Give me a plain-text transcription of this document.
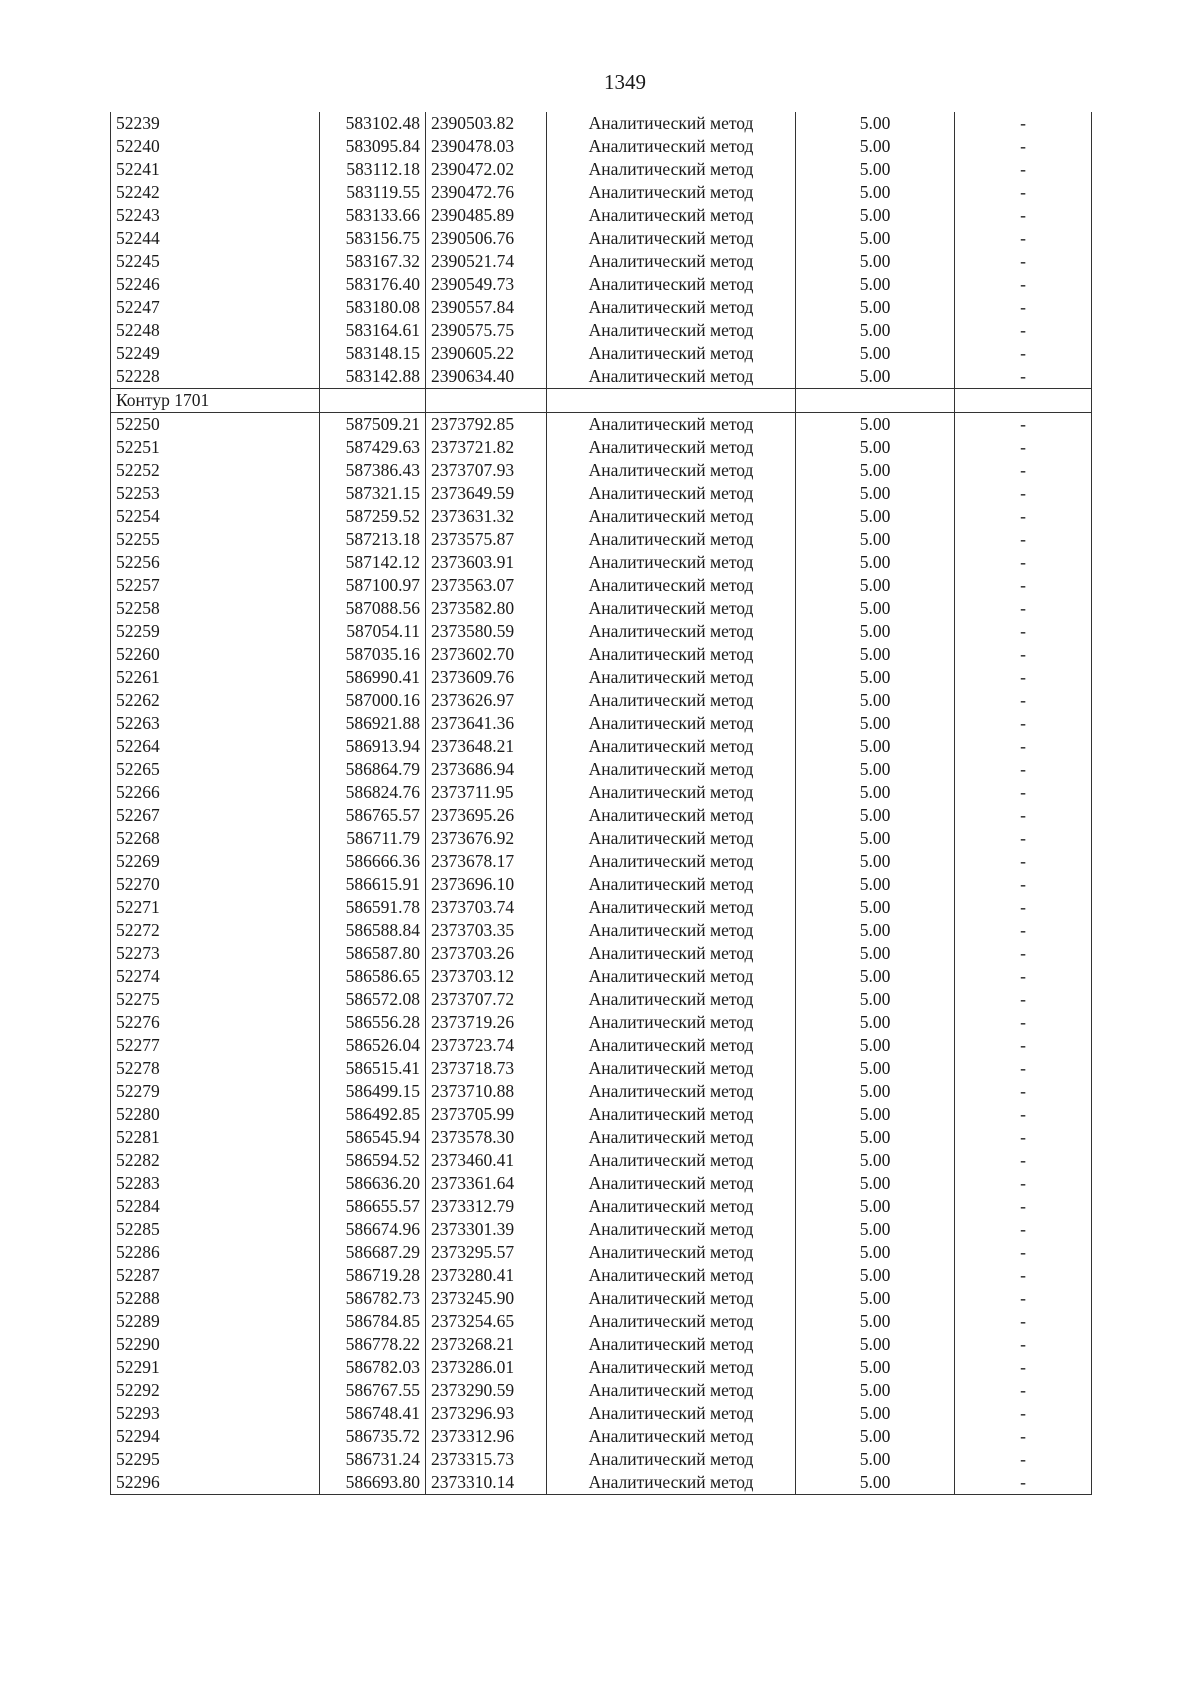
1349
52239	583102.48	2390503.82	Аналитический метод	5.00	-
52240	583095.84	2390478.03	Аналитический метод	5.00	-
52241	583112.18	2390472.02	Аналитический метод	5.00	-
52242	583119.55	2390472.76	Аналитический метод	5.00	-
52243	583133.66	2390485.89	Аналитический метод	5.00	-
52244	583156.75	2390506.76	Аналитический метод	5.00	-
52245	583167.32	2390521.74	Аналитический метод	5.00	-
52246	583176.40	2390549.73	Аналитический метод	5.00	-
52247	583180.08	2390557.84	Аналитический метод	5.00	-
52248	583164.61	2390575.75	Аналитический метод	5.00	-
52249	583148.15	2390605.22	Аналитический метод	5.00	-
52228	583142.88	2390634.40	Аналитический метод	5.00	-
Контур 1701					
52250	587509.21	2373792.85	Аналитический метод	5.00	-
52251	587429.63	2373721.82	Аналитический метод	5.00	-
52252	587386.43	2373707.93	Аналитический метод	5.00	-
52253	587321.15	2373649.59	Аналитический метод	5.00	-
52254	587259.52	2373631.32	Аналитический метод	5.00	-
52255	587213.18	2373575.87	Аналитический метод	5.00	-
52256	587142.12	2373603.91	Аналитический метод	5.00	-
52257	587100.97	2373563.07	Аналитический метод	5.00	-
52258	587088.56	2373582.80	Аналитический метод	5.00	-
52259	587054.11	2373580.59	Аналитический метод	5.00	-
52260	587035.16	2373602.70	Аналитический метод	5.00	-
52261	586990.41	2373609.76	Аналитический метод	5.00	-
52262	587000.16	2373626.97	Аналитический метод	5.00	-
52263	586921.88	2373641.36	Аналитический метод	5.00	-
52264	586913.94	2373648.21	Аналитический метод	5.00	-
52265	586864.79	2373686.94	Аналитический метод	5.00	-
52266	586824.76	2373711.95	Аналитический метод	5.00	-
52267	586765.57	2373695.26	Аналитический метод	5.00	-
52268	586711.79	2373676.92	Аналитический метод	5.00	-
52269	586666.36	2373678.17	Аналитический метод	5.00	-
52270	586615.91	2373696.10	Аналитический метод	5.00	-
52271	586591.78	2373703.74	Аналитический метод	5.00	-
52272	586588.84	2373703.35	Аналитический метод	5.00	-
52273	586587.80	2373703.26	Аналитический метод	5.00	-
52274	586586.65	2373703.12	Аналитический метод	5.00	-
52275	586572.08	2373707.72	Аналитический метод	5.00	-
52276	586556.28	2373719.26	Аналитический метод	5.00	-
52277	586526.04	2373723.74	Аналитический метод	5.00	-
52278	586515.41	2373718.73	Аналитический метод	5.00	-
52279	586499.15	2373710.88	Аналитический метод	5.00	-
52280	586492.85	2373705.99	Аналитический метод	5.00	-
52281	586545.94	2373578.30	Аналитический метод	5.00	-
52282	586594.52	2373460.41	Аналитический метод	5.00	-
52283	586636.20	2373361.64	Аналитический метод	5.00	-
52284	586655.57	2373312.79	Аналитический метод	5.00	-
52285	586674.96	2373301.39	Аналитический метод	5.00	-
52286	586687.29	2373295.57	Аналитический метод	5.00	-
52287	586719.28	2373280.41	Аналитический метод	5.00	-
52288	586782.73	2373245.90	Аналитический метод	5.00	-
52289	586784.85	2373254.65	Аналитический метод	5.00	-
52290	586778.22	2373268.21	Аналитический метод	5.00	-
52291	586782.03	2373286.01	Аналитический метод	5.00	-
52292	586767.55	2373290.59	Аналитический метод	5.00	-
52293	586748.41	2373296.93	Аналитический метод	5.00	-
52294	586735.72	2373312.96	Аналитический метод	5.00	-
52295	586731.24	2373315.73	Аналитический метод	5.00	-
52296	586693.80	2373310.14	Аналитический метод	5.00	-
